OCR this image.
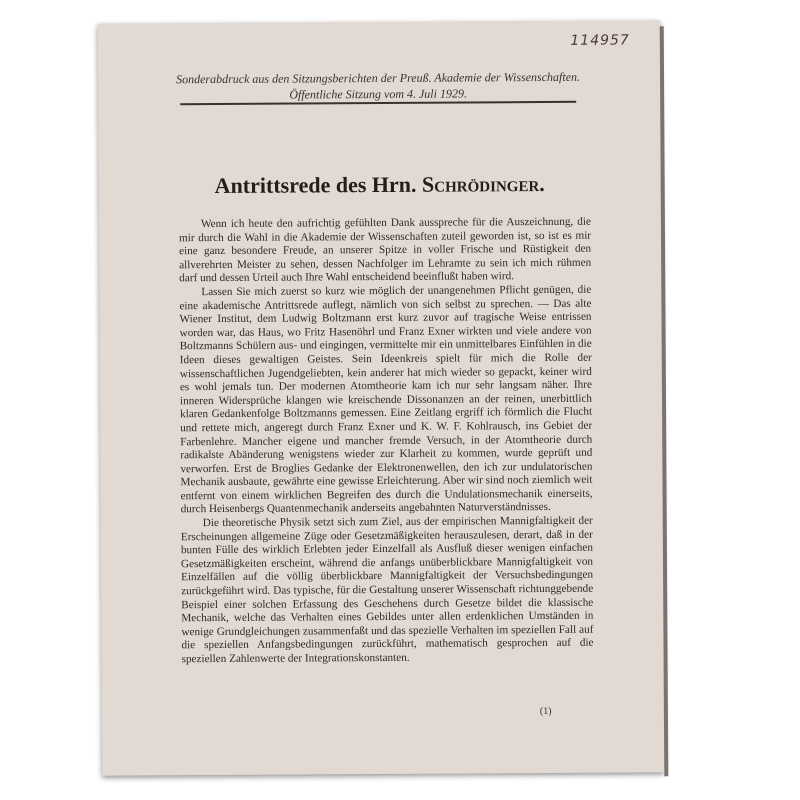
114957
Sonderabdruck aus den Sitzungsberichten der Preuß. Akademie der Wissenschaften.
Öffentliche Sitzung vom 4. Juli 1929.
Antrittsrede des Hrn. Schrödinger.

Wenn ich heute den aufrichtig gefühlten Dank ausspreche für die Auszeichnung, die mir durch die Wahl in die Akademie der Wissenschaften zuteil geworden ist, so ist es mir eine ganz besondere Freude, an unserer Spitze in voller Frische und Rüstigkeit den allverehrten Meister zu sehen, dessen Nachfolger im Lehramte zu sein ich mich rühmen darf und dessen Urteil auch Ihre Wahl entscheidend beeinflußt haben wird.

Lassen Sie mich zuerst so kurz wie möglich der unangenehmen Pflicht genügen, die eine akademische Antrittsrede auflegt, nämlich von sich selbst zu sprechen. — Das alte Wiener Institut, dem Ludwig Boltzmann erst kurz zuvor auf tragische Weise entrissen worden war, das Haus, wo Fritz Hasenöhrl und Franz Exner wirkten und viele andere von Boltzmanns Schülern aus- und eingingen, vermittelte mir ein unmittelbares Einfühlen in die Ideen dieses gewaltigen Geistes. Sein Ideenkreis spielt für mich die Rolle der wissenschaftlichen Jugendgeliebten, kein anderer hat mich wieder so gepackt, keiner wird es wohl jemals tun. Der modernen Atomtheorie kam ich nur sehr langsam näher. Ihre inneren Widersprüche klangen wie kreischende Dissonanzen an der reinen, unerbittlich klaren Gedankenfolge Boltzmanns gemessen. Eine Zeitlang ergriff ich förmlich die Flucht und rettete mich, angeregt durch Franz Exner und K. W. F. Kohlrausch, ins Gebiet der Farbenlehre. Mancher eigene und mancher fremde Versuch, in der Atomtheorie durch radikalste Abänderung wenigstens wieder zur Klarheit zu kommen, wurde geprüft und verworfen. Erst de Broglies Gedanke der Elektronenwellen, den ich zur undulatorischen Mechanik ausbaute, gewährte eine gewisse Erleichterung. Aber wir sind noch ziemlich weit entfernt von einem wirklichen Begreifen des durch die Undulationsmechanik einerseits, durch Heisenbergs Quantenmechanik anderseits angebahnten Naturverständnisses.

Die theoretische Physik setzt sich zum Ziel, aus der empirischen Mannigfaltigkeit der Erscheinungen allgemeine Züge oder Gesetzmäßigkeiten herauszulesen, derart, daß in der bunten Fülle des wirklich Erlebten jeder Einzelfall als Ausfluß dieser wenigen einfachen Gesetzmäßigkeiten erscheint, während die anfangs unüberblickbare Mannigfaltigkeit von Einzelfällen auf die völlig überblickbare Mannigfaltigkeit der Versuchsbedingungen zurückgeführt wird. Das typische, für die Gestaltung unserer Wissenschaft richtunggebende Beispiel einer solchen Erfassung des Geschehens durch Gesetze bildet die klassische Mechanik, welche das Verhalten eines Gebildes unter allen erdenklichen Umständen in wenige Grundgleichungen zusammenfaßt und das spezielle Verhalten im speziellen Fall auf die speziellen Anfangsbedingungen zurückführt, mathematisch gesprochen auf die speziellen Zahlenwerte der Integrationskonstanten.

(1)
